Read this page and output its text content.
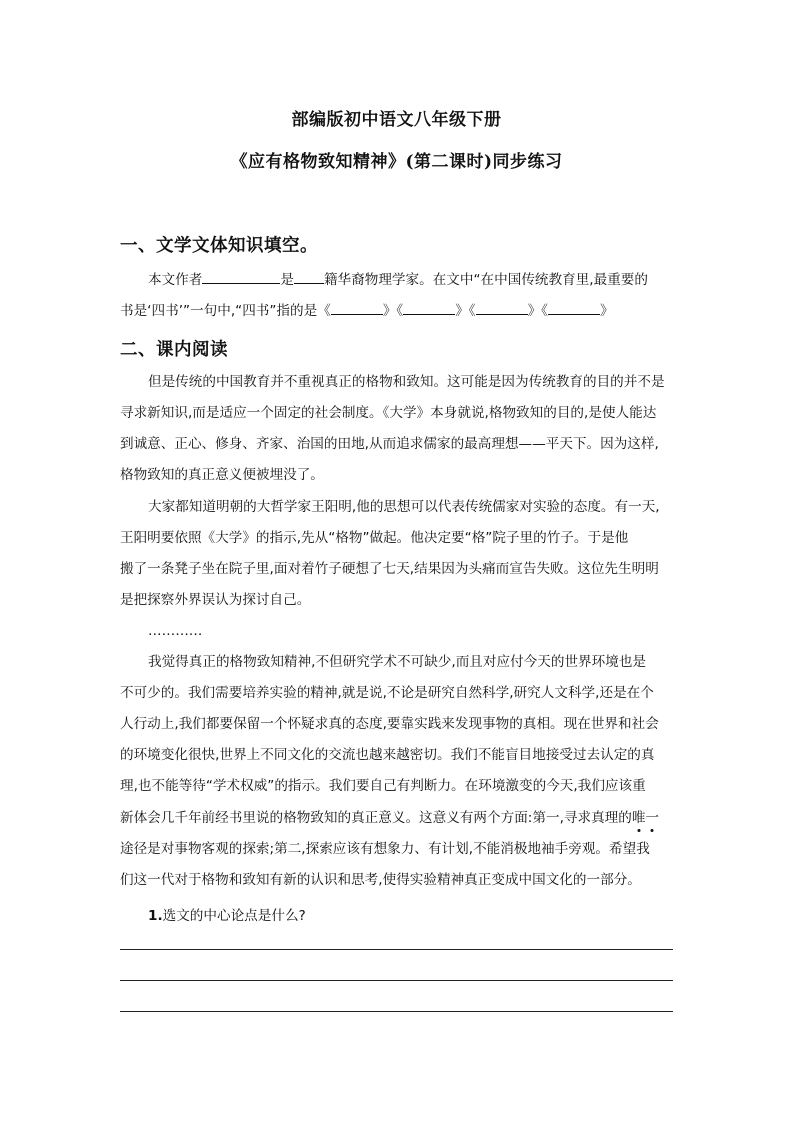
部编版初中语文八年级下册
《应有格物致知精神》(第二课时)同步练习
一、文学文体知识填空。
本文作者	是 籍华裔物理学家。在文中“在中国传统教育里,最重要的
书是‘四书’”一句中,“四书”指的是《	》《	》《	》《	》
二、课内阅读
但是传统的中国教育并不重视真正的格物和致知。这可能是因为传统教育的目的并不是
寻求新知识,而是适应一个固定的社会制度。《大学》本身就说,格物致知的目的,是使人能达
到诚意、正心、修身、齐家、治国的田地,从而追求儒家的最高理想——平天下。因为这样,
格物致知的真正意义便被埋没了。
大家都知道明朝的大哲学家王阳明,他的思想可以代表传统儒家对实验的态度。有一天,
王阳明要依照《大学》的指示,先从“格物”做起。他决定要“格”院子里的竹子。于是他
搬了一条凳子坐在院子里,面对着竹子硬想了七天,结果因为头痛而宣告失败。这位先生明明
是把探察外界误认为探讨自己。
…………
我觉得真正的格物致知精神,不但研究学术不可缺少,而且对应付今天的世界环境也是
不可少的。我们需要培养实验的精神,就是说,不论是研究自然科学,研究人文科学,还是在个
人行动上,我们都要保留一个怀疑求真的态度,要靠实践来发现事物的真相。现在世界和社会
的环境变化很快,世界上不同文化的交流也越来越密切。我们不能盲目地接受过去认定的真
理,也不能等待“学术权威”的指示。我们要自己有判断力。在环境激变的今天,我们应该重
新体会几千年前经书里说的格物致知的真正意义。这意义有两个方面:第一,寻求真理的唯
一
途径是对事物客观的探索;第二,探索应该有想象力、有计划,不能消极地袖手旁观。希望我
们这一代对于格物和致知有新的认识和思考,使得实验精神真正变成中国文化的一部分。
1.选文的中心论点是什么?
